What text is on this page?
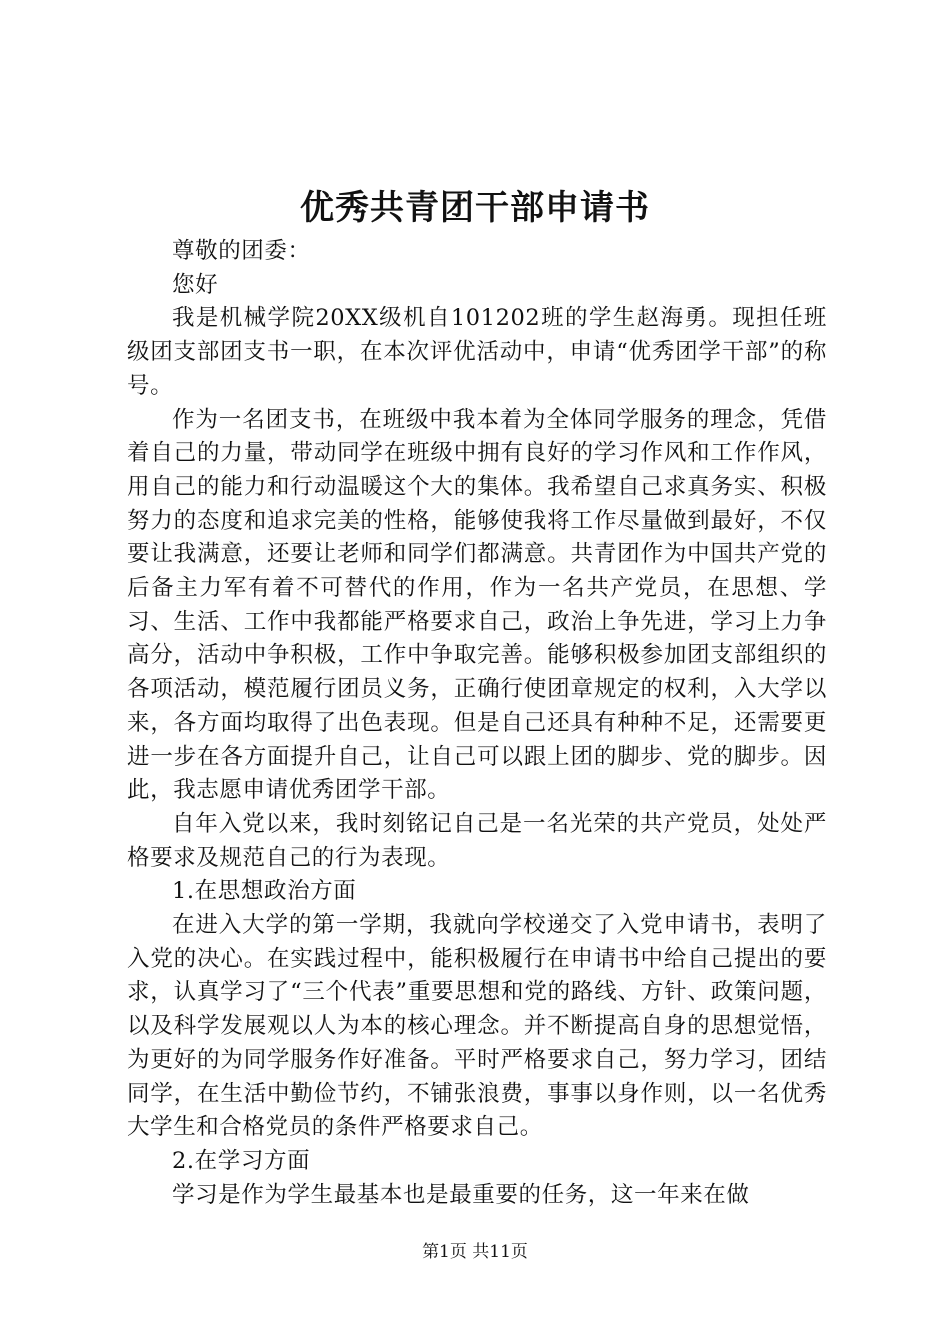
优秀共青团干部申请书

尊敬的团委：

您好

我是机械学院20XX级机自101202班的学生赵海勇。现担任班级团支部团支书一职，在本次评优活动中，申请“优秀团学干部”的称号。

作为一名团支书，在班级中我本着为全体同学服务的理念，凭借着自己的力量，带动同学在班级中拥有良好的学习作风和工作作风，用自己的能力和行动温暖这个大的集体。我希望自己求真务实、积极努力的态度和追求完美的性格，能够使我将工作尽量做到最好，不仅要让我满意，还要让老师和同学们都满意。共青团作为中国共产党的后备主力军有着不可替代的作用，作为一名共产党员，在思想、学习、生活、工作中我都能严格要求自己，政治上争先进，学习上力争高分，活动中争积极，工作中争取完善。能够积极参加团支部组织的各项活动，模范履行团员义务，正确行使团章规定的权利，入大学以来，各方面均取得了出色表现。但是自己还具有种种不足，还需要更进一步在各方面提升自己，让自己可以跟上团的脚步、党的脚步。因此，我志愿申请优秀团学干部。

自年入党以来，我时刻铭记自己是一名光荣的共产党员，处处严格要求及规范自己的行为表现。

1.在思想政治方面

在进入大学的第一学期，我就向学校递交了入党申请书，表明了入党的决心。在实践过程中，能积极履行在申请书中给自己提出的要求，认真学习了“三个代表”重要思想和党的路线、方针、政策问题，以及科学发展观以人为本的核心理念。并不断提高自身的思想觉悟，为更好的为同学服务作好准备。平时严格要求自己，努力学习，团结同学，在生活中勤俭节约，不铺张浪费，事事以身作则，以一名优秀大学生和合格党员的条件严格要求自己。

2.在学习方面

学习是作为学生最基本也是最重要的任务，这一年来在做

第1页 共11页
